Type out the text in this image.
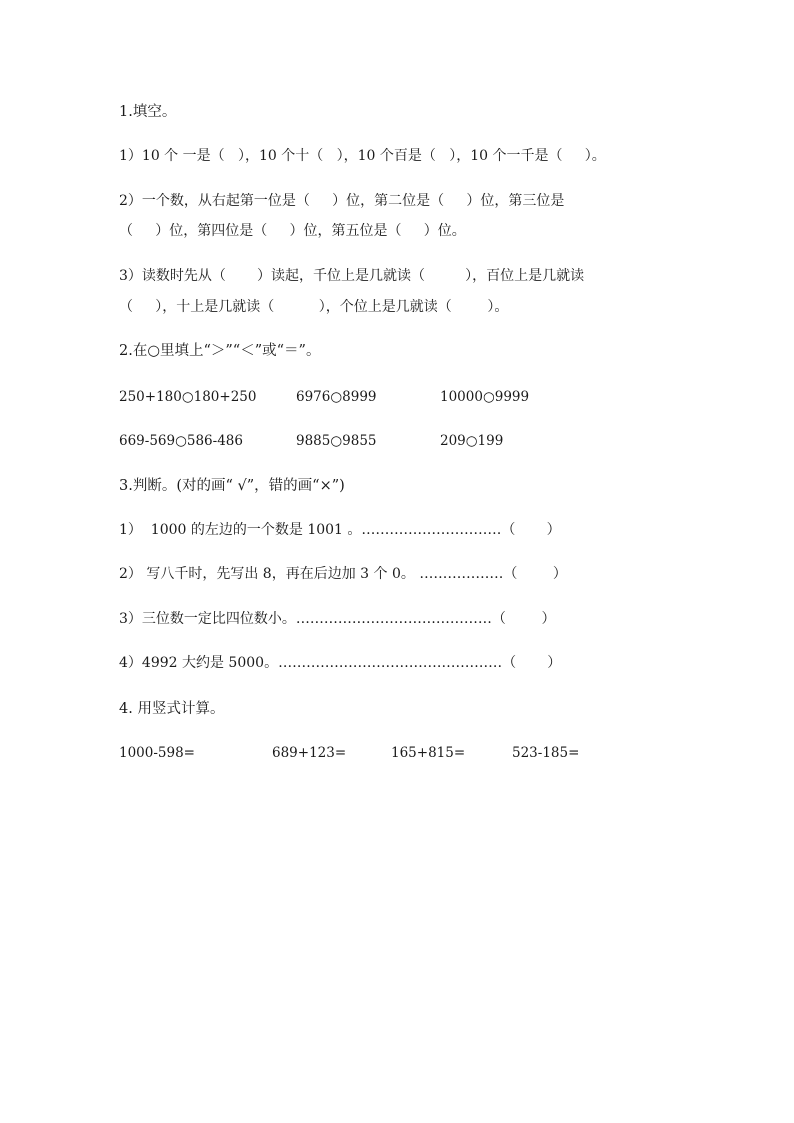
1.填空。
1）10 个 一是（   ），10 个十（   ），10 个百是（   ），10 个一千是（     ）。
2）一个数，从右起第一位是（     ）位，第二位是（     ）位，第三位是
（     ）位，第四位是（     ）位，第五位是（     ）位。
3）读数时先从（       ）读起，千位上是几就读（         ），百位上是几就读
（     ），十上是几就读（          ），个位上是几就读（        ）。
2.在○里填上“＞”“＜”或“＝”。
250+180○180+250	6976○8999	10000○9999
669-569○586-486	9885○9855	209○199
3.判断。(对的画“ √”，错的画“×”)
1）  1000 的左边的一个数是 1001 。…………………………（       ）
2） 写八千时，先写出 8，再在后边加 3 个 0。 ………………（        ）
3）三位数一定比四位数小。……………………………………（        ）
4）4992 大约是 5000。…………………………………………（       ）
4. 用竖式计算。
1000-598=	689+123=	165+815=	523-185=
